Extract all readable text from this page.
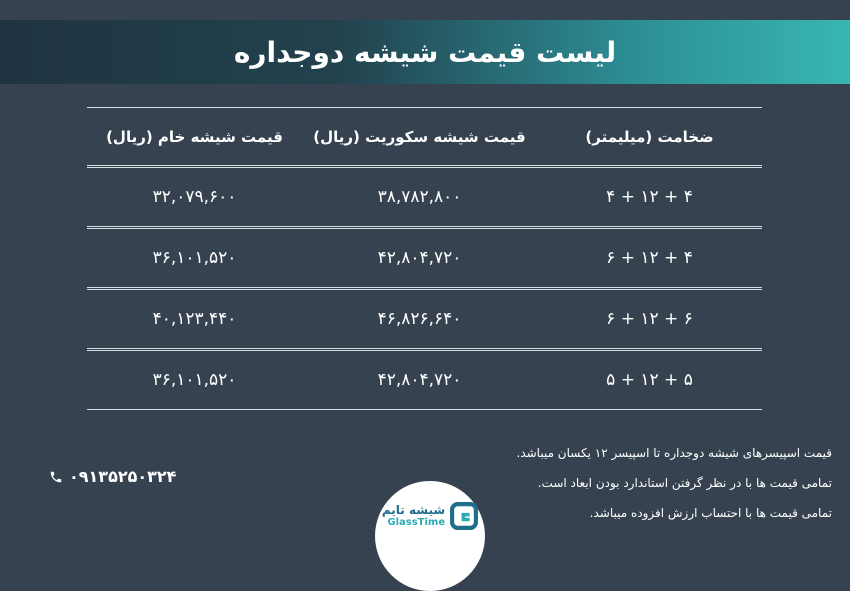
لیست قیمت شیشه دوجداره
ضخامت (میلیمتر)	قیمت شیشه سکوریت (ریال)	قیمت شیشه خام (ریال)
۴ + ۱۲ + ۴	۳۸,۷۸۲,۸۰۰	۳۲,۰۷۹,۶۰۰
۴ + ۱۲ + ۶	۴۲,۸۰۴,۷۲۰	۳۶,۱۰۱,۵۲۰
۶ + ۱۲ + ۶	۴۶,۸۲۶,۶۴۰	۴۰,۱۲۳,۴۴۰
۵ + ۱۲ + ۵	۴۲,۸۰۴,۷۲۰	۳۶,۱۰۱,۵۲۰
قیمت اسپیسرهای شیشه دوجداره تا اسپیسر ۱۲ یکسان میباشد.
تمامی قیمت ها با در نظر گرفتن استاندارد بودن ابعاد است.
تمامی قیمت ها با احتساب ارزش افزوده میباشد.
۰۹۱۳۵۲۵۰۳۲۴
شیشه تایم
GlassTime
